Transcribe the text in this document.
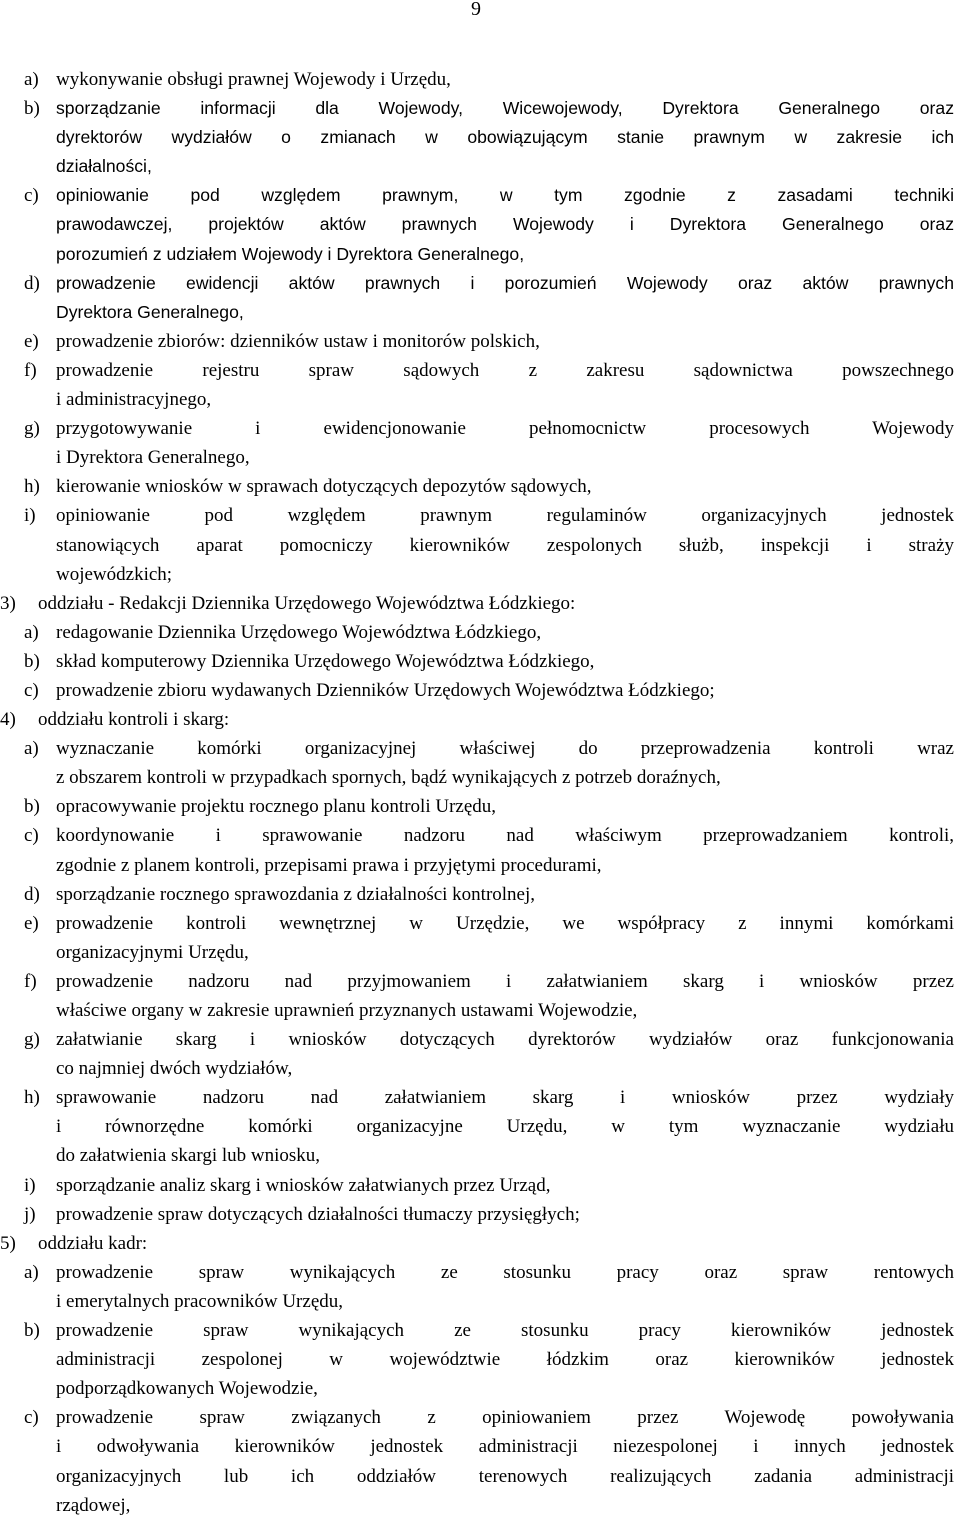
9
a) wykonywanie obsługi prawnej Wojewody i Urzędu,
b) sporządzanie informacji dla Wojewody, Wicewojewody, Dyrektora Generalnego oraz
dyrektorów wydziałów o zmianach w obowiązującym stanie prawnym w zakresie ich
działalności,
c) opiniowanie pod względem prawnym, w tym zgodnie z zasadami techniki
prawodawczej, projektów aktów prawnych Wojewody i Dyrektora Generalnego oraz
porozumień z udziałem Wojewody i Dyrektora Generalnego,
d) prowadzenie ewidencji aktów prawnych i porozumień Wojewody oraz aktów prawnych
Dyrektora Generalnego,
e) prowadzenie zbiorów: dzienników ustaw i monitorów polskich,
f) prowadzenie rejestru spraw sądowych z zakresu sądownictwa powszechnego
i administracyjnego,
g) przygotowywanie i ewidencjonowanie pełnomocnictw procesowych Wojewody
i Dyrektora Generalnego,
h) kierowanie wniosków w sprawach dotyczących depozytów sądowych,
i) opiniowanie pod względem prawnym regulaminów organizacyjnych jednostek
stanowiących aparat pomocniczy kierowników zespolonych służb, inspekcji i straży
wojewódzkich;
3) oddziału - Redakcji Dziennika Urzędowego Województwa Łódzkiego:
a) redagowanie Dziennika Urzędowego Województwa Łódzkiego,
b) skład komputerowy Dziennika Urzędowego Województwa Łódzkiego,
c) prowadzenie zbioru wydawanych Dzienników Urzędowych Województwa Łódzkiego;
4) oddziału kontroli i skarg:
a) wyznaczanie komórki organizacyjnej właściwej do przeprowadzenia kontroli wraz
z obszarem kontroli w przypadkach spornych, bądź wynikających z potrzeb doraźnych,
b) opracowywanie projektu rocznego planu kontroli Urzędu,
c) koordynowanie i sprawowanie nadzoru nad właściwym przeprowadzaniem kontroli,
zgodnie z planem kontroli, przepisami prawa i przyjętymi procedurami,
d) sporządzanie rocznego sprawozdania z działalności kontrolnej,
e) prowadzenie kontroli wewnętrznej w Urzędzie, we współpracy z innymi komórkami
organizacyjnymi Urzędu,
f) prowadzenie nadzoru nad przyjmowaniem i załatwianiem skarg i wniosków przez
właściwe organy w zakresie uprawnień przyznanych ustawami Wojewodzie,
g) załatwianie skarg i wniosków dotyczących dyrektorów wydziałów oraz funkcjonowania
co najmniej dwóch wydziałów,
h) sprawowanie nadzoru nad załatwianiem skarg i wniosków przez wydziały
i równorzędne komórki organizacyjne Urzędu, w tym wyznaczanie wydziału
do załatwienia skargi lub wniosku,
i) sporządzanie analiz skarg i wniosków załatwianych przez Urząd,
j) prowadzenie spraw dotyczących działalności tłumaczy przysięgłych;
5) oddziału kadr:
a) prowadzenie spraw wynikających ze stosunku pracy oraz spraw rentowych
i emerytalnych pracowników Urzędu,
b) prowadzenie spraw wynikających ze stosunku pracy kierowników jednostek
administracji zespolonej w województwie łódzkim oraz kierowników jednostek
podporządkowanych Wojewodzie,
c) prowadzenie spraw związanych z opiniowaniem przez Wojewodę powoływania
i odwoływania kierowników jednostek administracji niezespolonej i innych jednostek
organizacyjnych lub ich oddziałów terenowych realizujących zadania administracji
rządowej,
